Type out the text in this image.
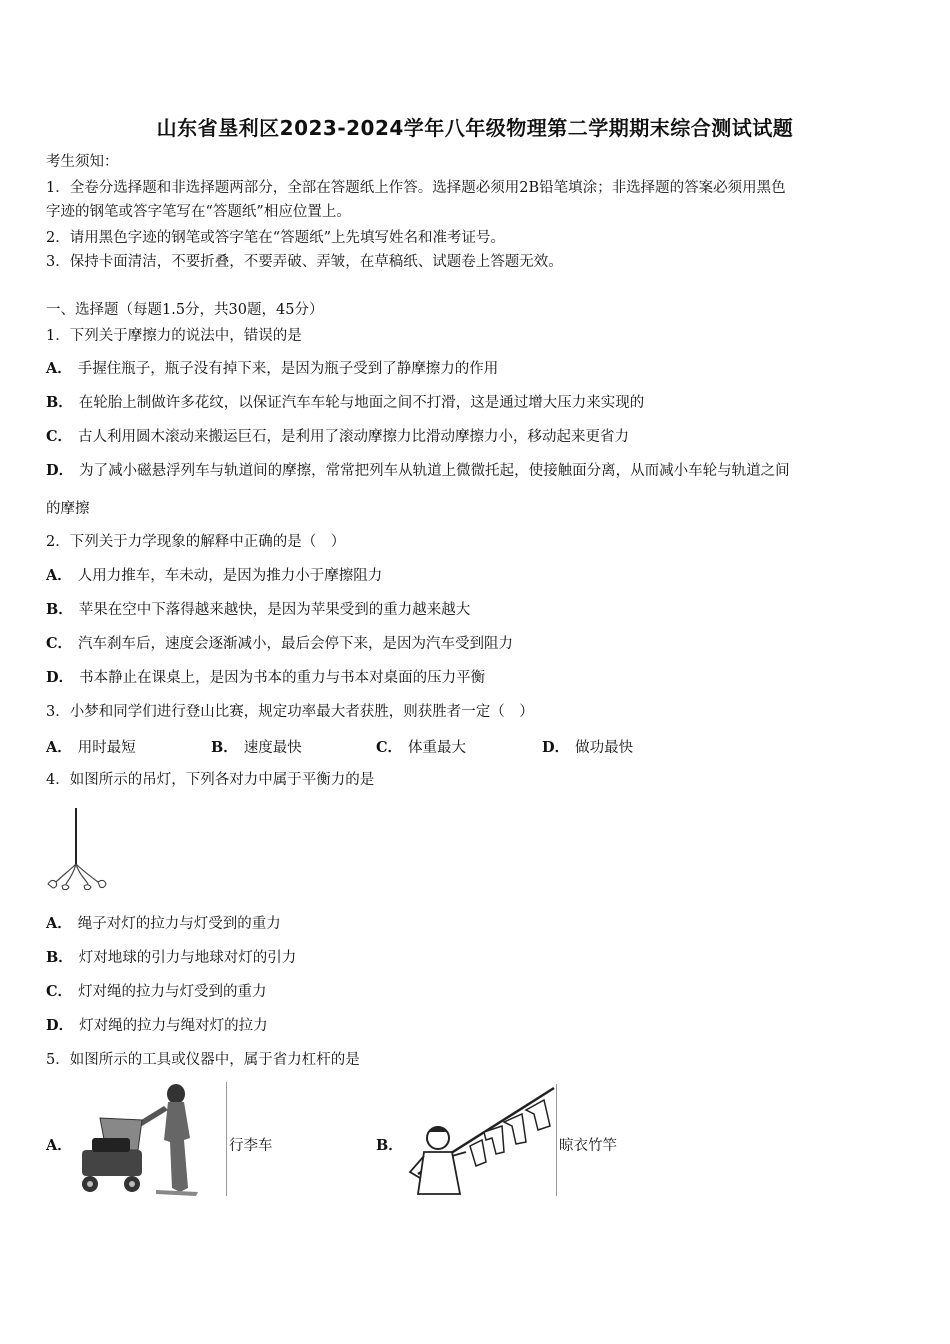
山东省垦利区2023-2024学年八年级物理第二学期期末综合测试试题
考生须知：
1．全卷分选择题和非选择题两部分，全部在答题纸上作答。选择题必须用2B铅笔填涂；非选择题的答案必须用黑色
字迹的钢笔或答字笔写在“答题纸”相应位置上。
2．请用黑色字迹的钢笔或答字笔在“答题纸”上先填写姓名和准考证号。
3．保持卡面清洁，不要折叠，不要弄破、弄皱，在草稿纸、试题卷上答题无效。
一、选择题（每题1.5分，共30题，45分）
1．下列关于摩擦力的说法中，错误的是
A． 手握住瓶子，瓶子没有掉下来，是因为瓶子受到了静摩擦力的作用
B． 在轮胎上制做许多花纹，以保证汽车车轮与地面之间不打滑，这是通过增大压力来实现的
C． 古人利用圆木滚动来搬运巨石，是利用了滚动摩擦力比滑动摩擦力小，移动起来更省力
D． 为了减小磁悬浮列车与轨道间的摩擦，常常把列车从轨道上微微托起，使接触面分离，从而减小车轮与轨道之间
的摩擦
2．下列关于力学现象的解释中正确的是（　）
A． 人用力推车，车未动，是因为推力小于摩擦阻力
B． 苹果在空中下落得越来越快，是因为苹果受到的重力越来越大
C． 汽车刹车后，速度会逐渐减小，最后会停下来，是因为汽车受到阻力
D． 书本静止在课桌上，是因为书本的重力与书本对桌面的压力平衡
3．小梦和同学们进行登山比赛，规定功率最大者获胜，则获胜者一定（　）
A． 用时最短	B． 速度最快	C． 体重最大	D． 做功最快
4．如图所示的吊灯，下列各对力中属于平衡力的是
A． 绳子对灯的拉力与灯受到的重力
B． 灯对地球的引力与地球对灯的引力
C． 灯对绳的拉力与灯受到的重力
D． 灯对绳的拉力与绳对灯的拉力
5．如图所示的工具或仪器中，属于省力杠杆的是
A．	行李车	B．	晾衣竹竿
